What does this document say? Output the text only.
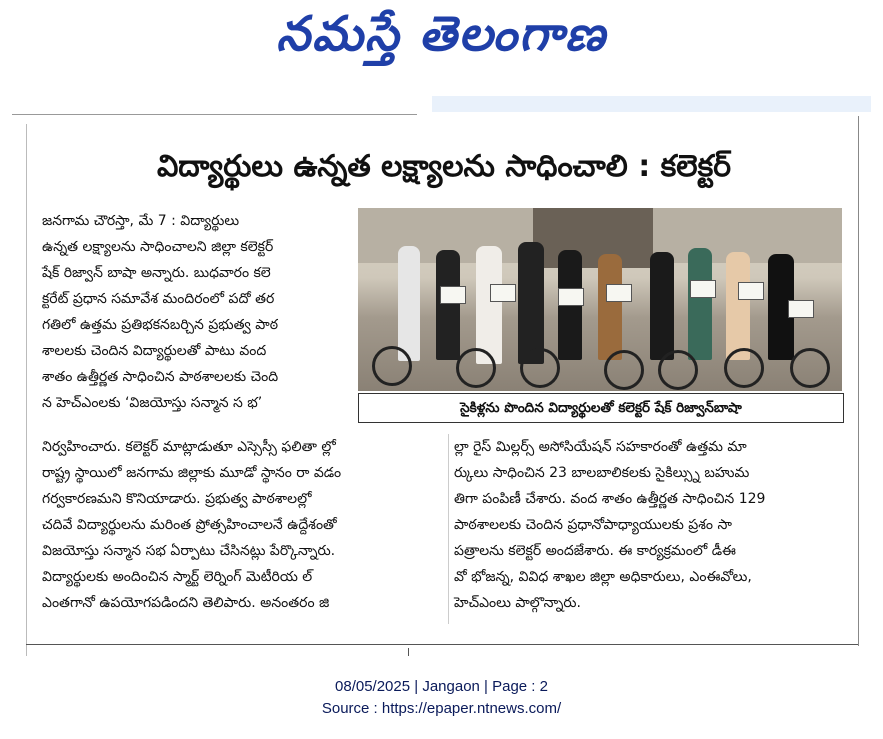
నమస్తే తెలంగాణ
విద్యార్థులు ఉన్నత లక్ష్యాలను సాధించాలి : కలెక్టర్

జనగామ చౌరస్తా, మే 7 : విద్యార్థులు

ఉన్నత లక్ష్యాలను సాధించాలని జిల్లా కలెక్టర్

షేక్ రిజ్వాన్ బాషా అన్నారు. బుధవారం కలె

క్టరేట్ ప్రధాన సమావేశ మందిరంలో పదో తర

గతిలో ఉత్తమ ప్రతిభకనబర్చిన ప్రభుత్వ పాఠ

శాలలకు చెందిన విద్యార్థులతో పాటు వంద

శాతం ఉత్తీర్ణత సాధించిన పాఠశాలలకు చెంది

న హెచ్ఎంలకు ‘విజయోస్తు సన్మాన స భ’	సైకిళ్లను పొందిన విద్యార్థులతో కలెక్టర్ షేక్ రిజ్వాన్‌బాషా

నిర్వహించారు. కలెక్టర్ మాట్లాడుతూ ఎస్సెస్సీ ఫలితా ల్లో

రాష్ట్ర స్థాయిలో జనగామ జిల్లాకు మూడో స్థానం రా వడం

గర్వకారణమని కొనియాడారు. ప్రభుత్వ పాఠశాలల్లో

చదివే విద్యార్థులను మరింత ప్రోత్సహించాలనే ఉద్దేశంతో

విజయోస్తు సన్మాన సభ ఏర్పాటు చేసినట్లు పేర్కొన్నారు.

విద్యార్థులకు అందించిన స్మార్ట్ లెర్నింగ్ మెటీరియ ల్

ఎంతగానో ఉపయోగపడిందని తెలిపారు. అనంతరం జి

ల్లా రైస్ మిల్లర్స్ అసోసియేషన్ సహకారంతో ఉత్తమ మా

ర్కులు సాధించిన 23 బాలబాలికలకు సైకిల్స్ను బహుమ

తిగా పంపిణీ చేశారు. వంద శాతం ఉత్తీర్ణత సాధించిన 129

పాఠశాలలకు చెందిన ప్రధానోపాధ్యాయులకు ప్రశం సా

పత్రాలను కలెక్టర్ అందజేశారు. ఈ కార్యక్రమంలో డీఈ

వో భోజన్న, వివిధ శాఖల జిల్లా అధికారులు, ఎంఈవోలు,

హెచ్ఎంలు పాల్గొన్నారు.

08/05/2025 | Jangaon | Page : 2
Source : https://epaper.ntnews.com/
